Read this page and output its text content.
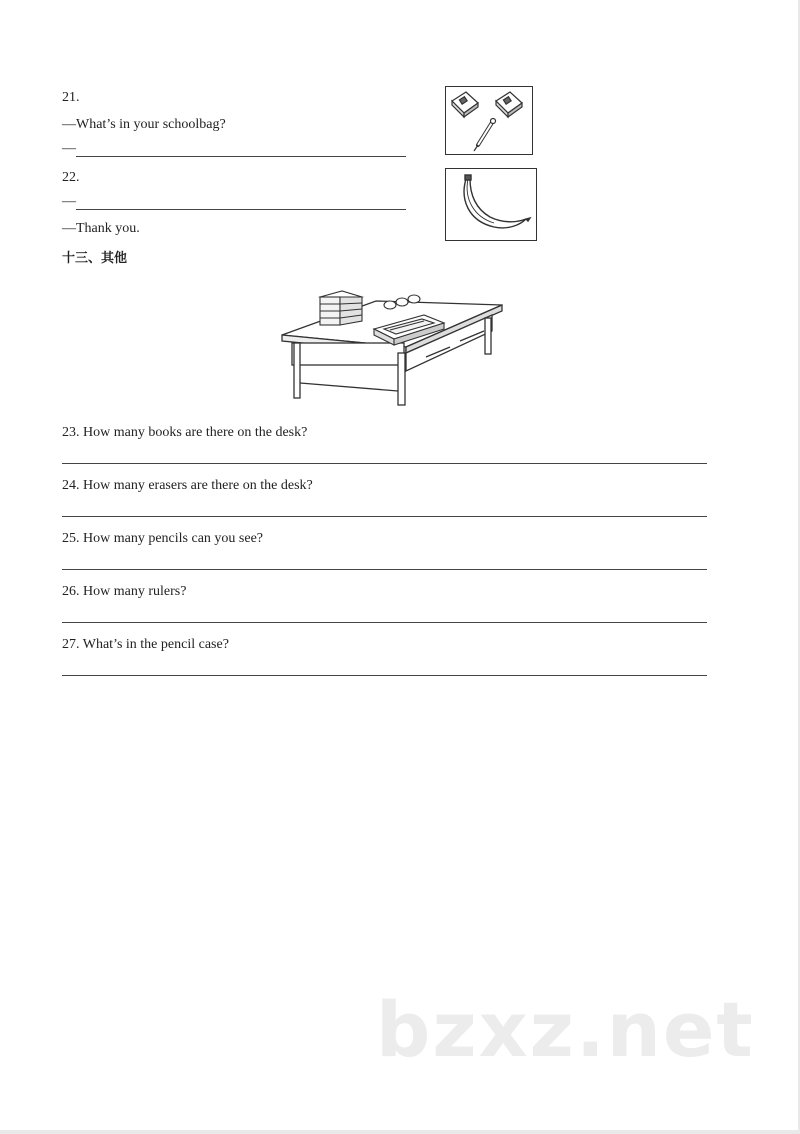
21.
—What’s in your schoolbag?
—
22.
—
—Thank you.
十三、其他
23. How many books are there on the desk?
24. How many erasers are there on the desk?
25. How many pencils can you see?
26. How many rulers?
27. What’s in the pencil case?
bzxz.net
